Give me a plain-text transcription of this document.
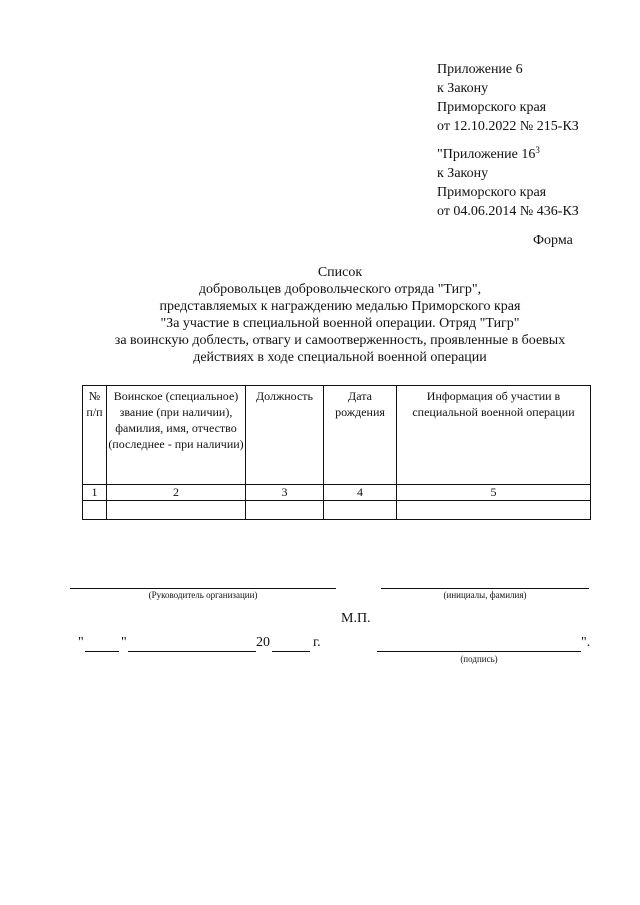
Приложение 6
к Закону
Приморского края
от 12.10.2022 № 215-КЗ
"Приложение $16^3$
к Закону
Приморского края
от 04.06.2014 № 436-КЗ
Форма
Список
добровольцев добровольческого отряда "Тигр",
представляемых к награждению медалью Приморского края
"За участие в специальной военной операции. Отряд "Тигр"
за воинскую доблесть, отвагу и самоотверженность, проявленные в боевых
действиях в ходе специальной военной операции
№ п/п	Воинское (специальное) звание (при наличии), фамилия, имя, отчество (последнее - при наличии)	Должность	Дата рождения	Информация об участии в специальной военной операции
1	2	3	4	5

(Руководитель организации)	(инициалы, фамилия)
М.П.
"	"	20	г.	".
(подпись)
